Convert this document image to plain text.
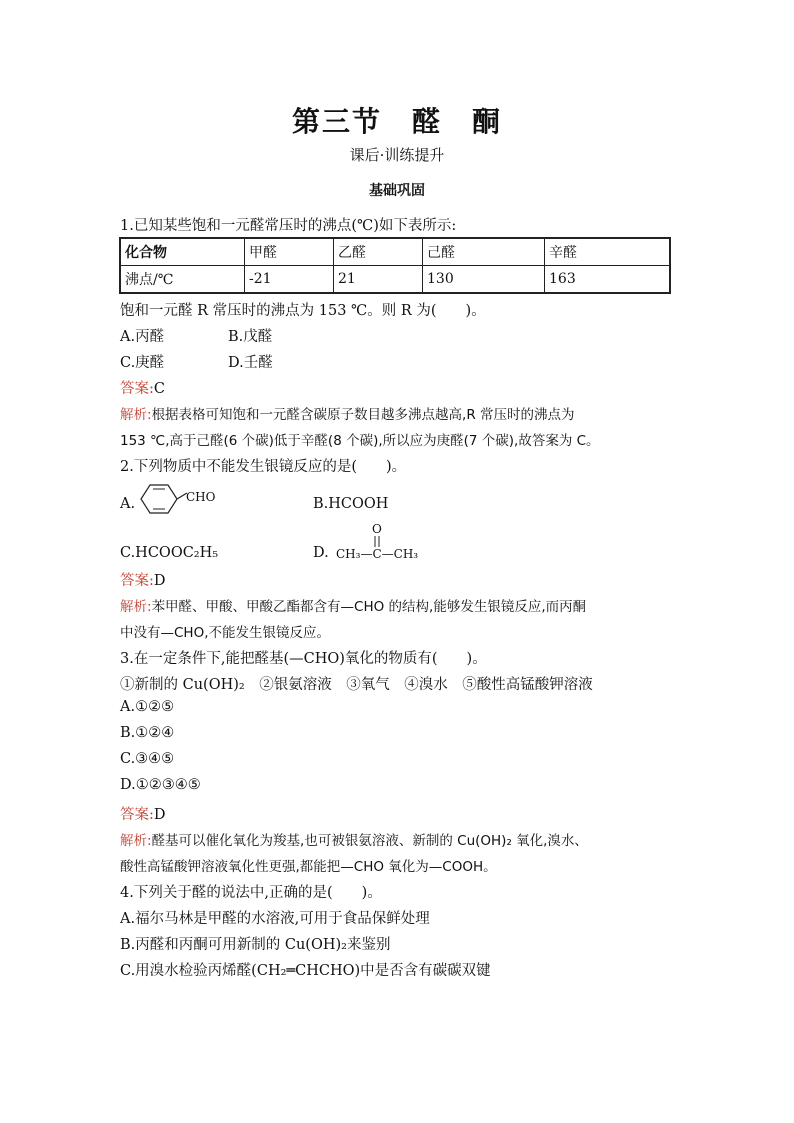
第三节　醛　酮
课后·训练提升
基础巩固
1.已知某些饱和一元醛常压时的沸点(℃)如下表所示:
化合物	甲醛	乙醛	己醛	辛醛
沸点/℃	-21	21	130	163
饱和一元醛 R 常压时的沸点为 153 ℃。则 R 为(　　)。
A.丙醛	B.戊醛
C.庚醛	D.壬醛
答案:C
解析:根据表格可知饱和一元醛含碳原子数目越多沸点越高,R 常压时的沸点为
153 ℃,高于己醛(6 个碳)低于辛醛(8 个碳),所以应为庚醛(7 个碳),故答案为 C。
2.下列物质中不能发生银镜反应的是(　　)。
A.	CHO	B.HCOOH
C.HCOOC₂H₅	D.
O
CH₃—C—CH₃
答案:D
解析:苯甲醛、甲酸、甲酸乙酯都含有—CHO 的结构,能够发生银镜反应,而丙酮
中没有—CHO,不能发生银镜反应。
3.在一定条件下,能把醛基(—CHO)氧化的物质有(　　)。
①新制的 Cu(OH)₂　②银氨溶液　③氧气　④溴水　⑤酸性高锰酸钾溶液
A.①②⑤
B.①②④
C.③④⑤
D.①②③④⑤
答案:D
解析:醛基可以催化氧化为羧基,也可被银氨溶液、新制的 Cu(OH)₂ 氧化,溴水、
酸性高锰酸钾溶液氧化性更强,都能把—CHO 氧化为—COOH。
4.下列关于醛的说法中,正确的是(　　)。
A.福尔马林是甲醛的水溶液,可用于食品保鲜处理
B.丙醛和丙酮可用新制的 Cu(OH)₂来鉴别
C.用溴水检验丙烯醛(CH₂═CHCHO)中是否含有碳碳双键
